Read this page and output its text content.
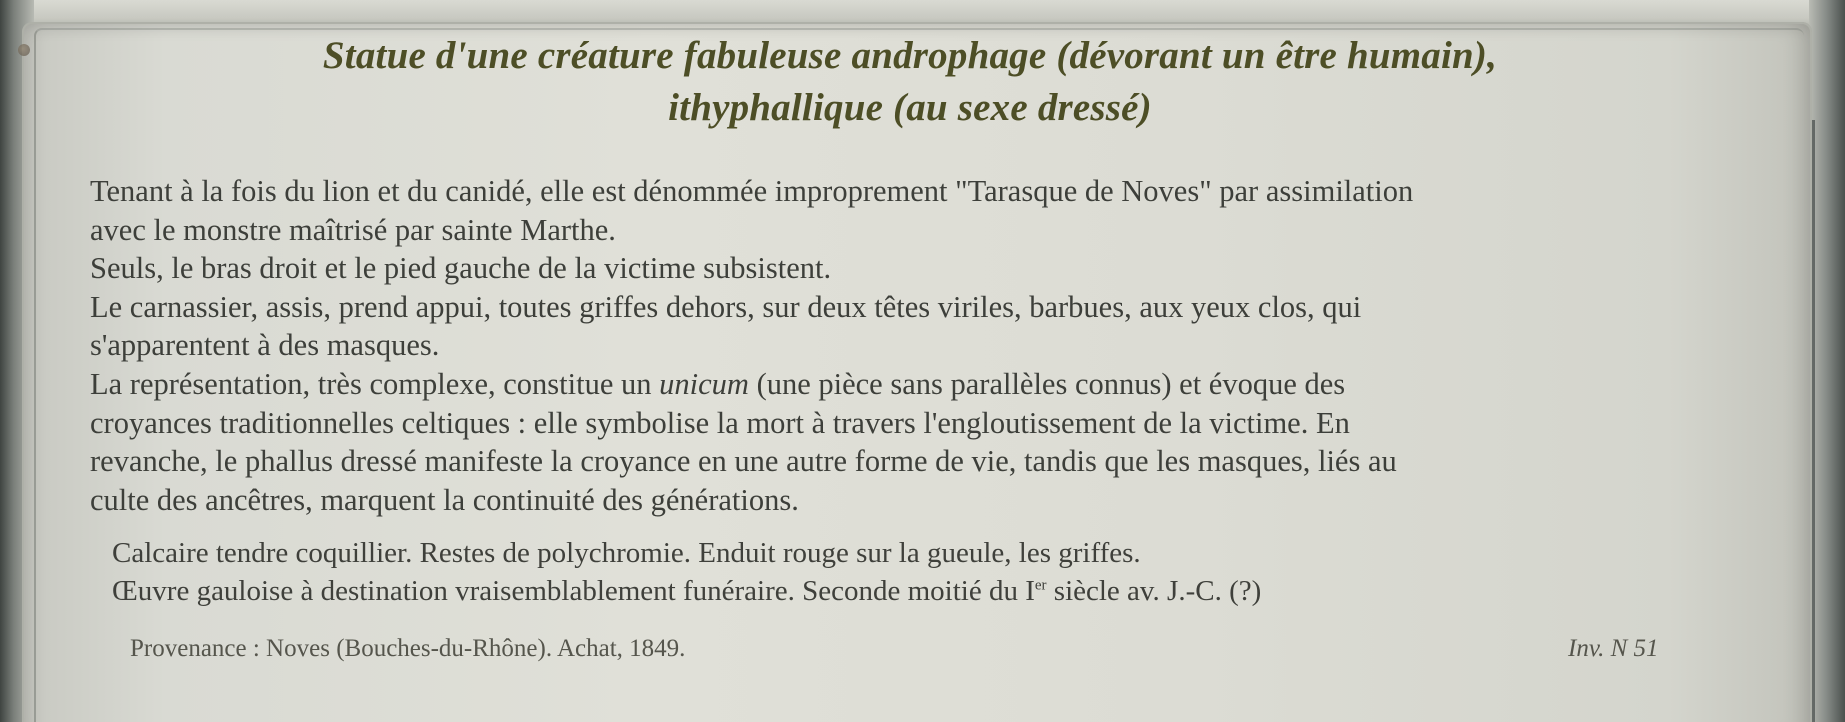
Statue d'une créature fabuleuse androphage (dévorant un être humain),
ithyphallique (au sexe dressé)
Tenant à la fois du lion et du canidé, elle est dénommée improprement "Tarasque de Noves" par assimilation
avec le monstre maîtrisé par sainte Marthe.
Seuls, le bras droit et le pied gauche de la victime subsistent.
Le carnassier, assis, prend appui, toutes griffes dehors, sur deux têtes viriles, barbues, aux yeux clos, qui
s'apparentent à des masques.
La représentation, très complexe, constitue un unicum (une pièce sans parallèles connus) et évoque des
croyances traditionnelles celtiques : elle symbolise la mort à travers l'engloutissement de la victime. En
revanche, le phallus dressé manifeste la croyance en une autre forme de vie, tandis que les masques, liés au
culte des ancêtres, marquent la continuité des générations.
Calcaire tendre coquillier. Restes de polychromie. Enduit rouge sur la gueule, les griffes.
Œuvre gauloise à destination vraisemblablement funéraire. Seconde moitié du Ier siècle av. J.-C. (?)
Provenance : Noves (Bouches-du-Rhône). Achat, 1849.	Inv. N 51
